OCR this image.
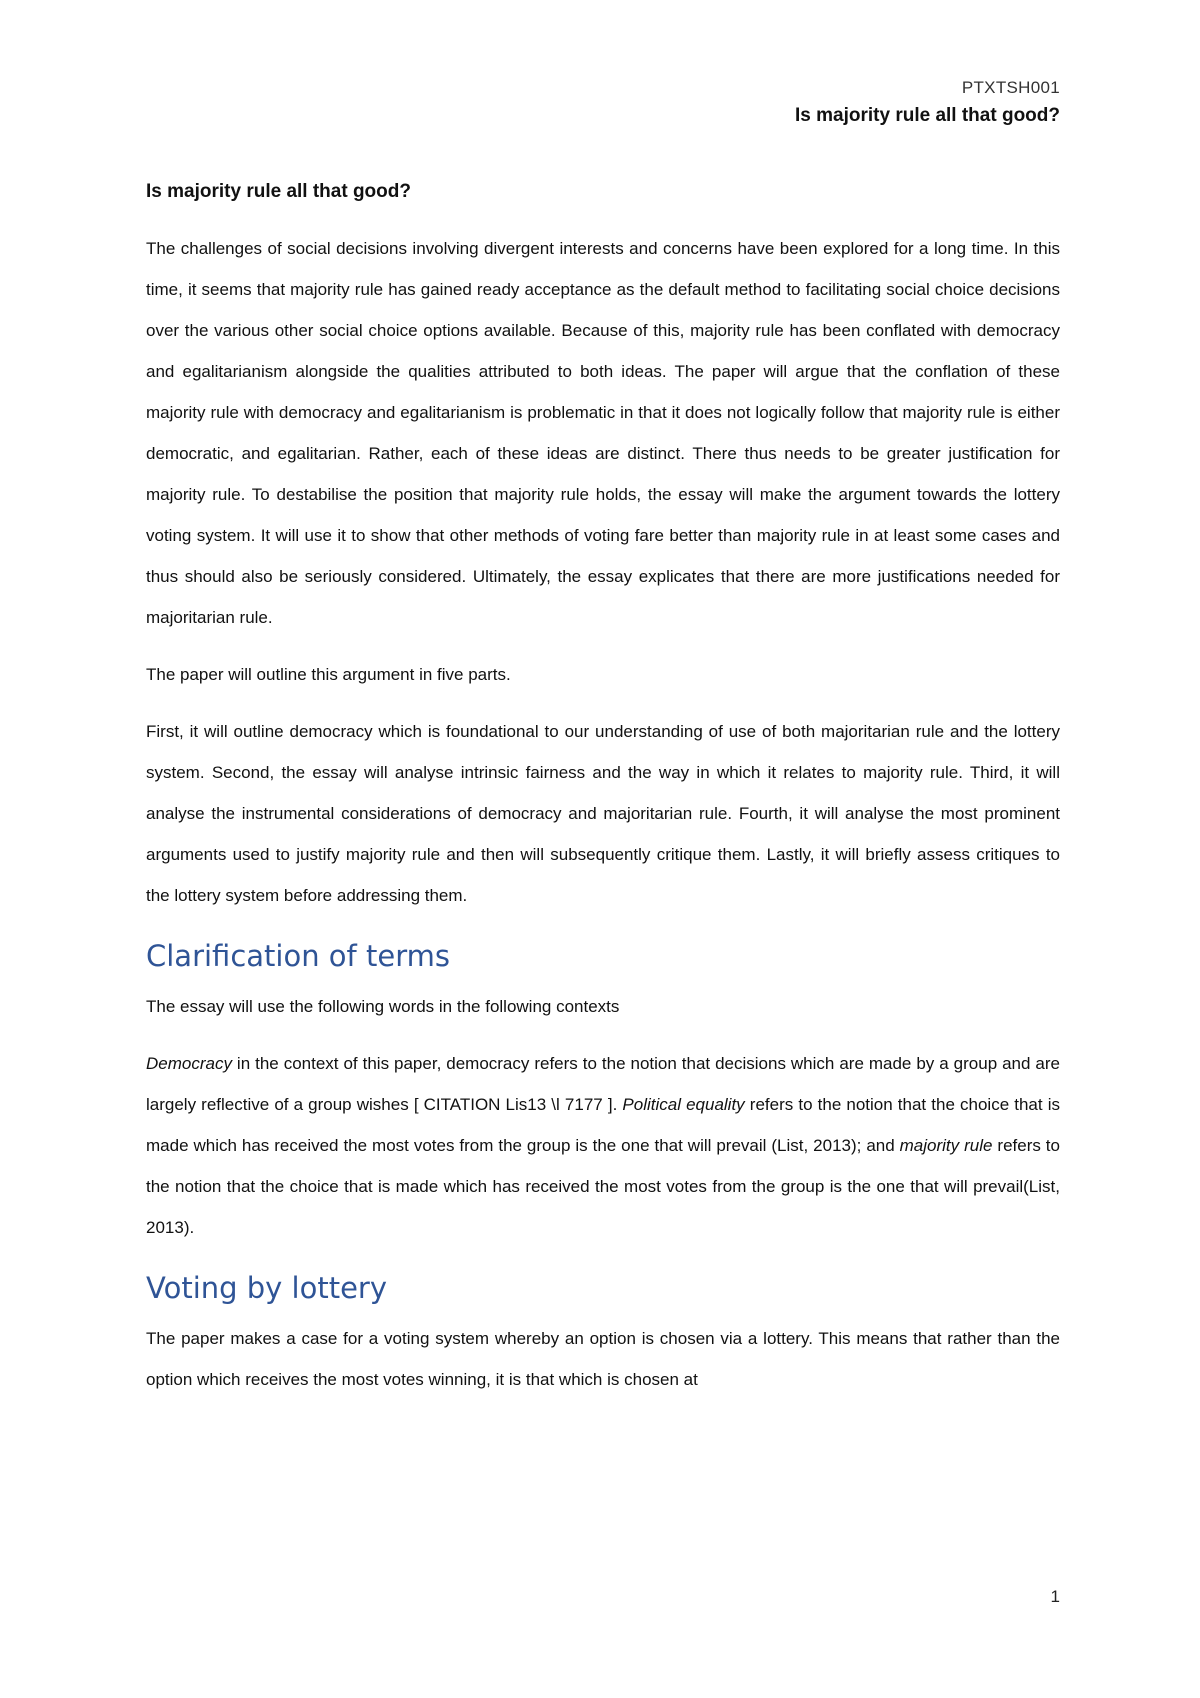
PTXTSH001
Is majority rule all that good?
Is majority rule all that good?

The challenges of social decisions involving divergent interests and concerns have been explored for a long time. In this time, it seems that majority rule has gained ready acceptance as the default method to facilitating social choice decisions over the various other social choice options available. Because of this, majority rule has been conflated with democracy and egalitarianism alongside the qualities attributed to both ideas. The paper will argue that the conflation of these majority rule with democracy and egalitarianism is problematic in that it does not logically follow that majority rule is either democratic, and egalitarian. Rather, each of these ideas are distinct. There thus needs to be greater justification for majority rule. To destabilise the position that majority rule holds, the essay will make the argument towards the lottery voting system. It will use it to show that other methods of voting fare better than majority rule in at least some cases and thus should also be seriously considered. Ultimately, the essay explicates that there are more justifications needed for majoritarian rule.

The paper will outline this argument in five parts.

First, it will outline democracy which is foundational to our understanding of use of both majoritarian rule and the lottery system. Second, the essay will analyse intrinsic fairness and the way in which it relates to majority rule. Third, it will analyse the instrumental considerations of democracy and majoritarian rule. Fourth, it will analyse the most prominent arguments used to justify majority rule and then will subsequently critique them. Lastly, it will briefly assess critiques to the lottery system before addressing them.

Clarification of terms

The essay will use the following words in the following contexts

Democracy in the context of this paper, democracy refers to the notion that decisions which are made by a group and are largely reflective of a group wishes [ CITATION Lis13 \l 7177 ]. Political equality refers to the notion that the choice that is made which has received the most votes from the group is the one that will prevail (List, 2013); and majority rule refers to the notion that the choice that is made which has received the most votes from the group is the one that will prevail(List, 2013).

Voting by lottery

The paper makes a case for a voting system whereby an option is chosen via a lottery. This means that rather than the option which receives the most votes winning, it is that which is chosen at

1
